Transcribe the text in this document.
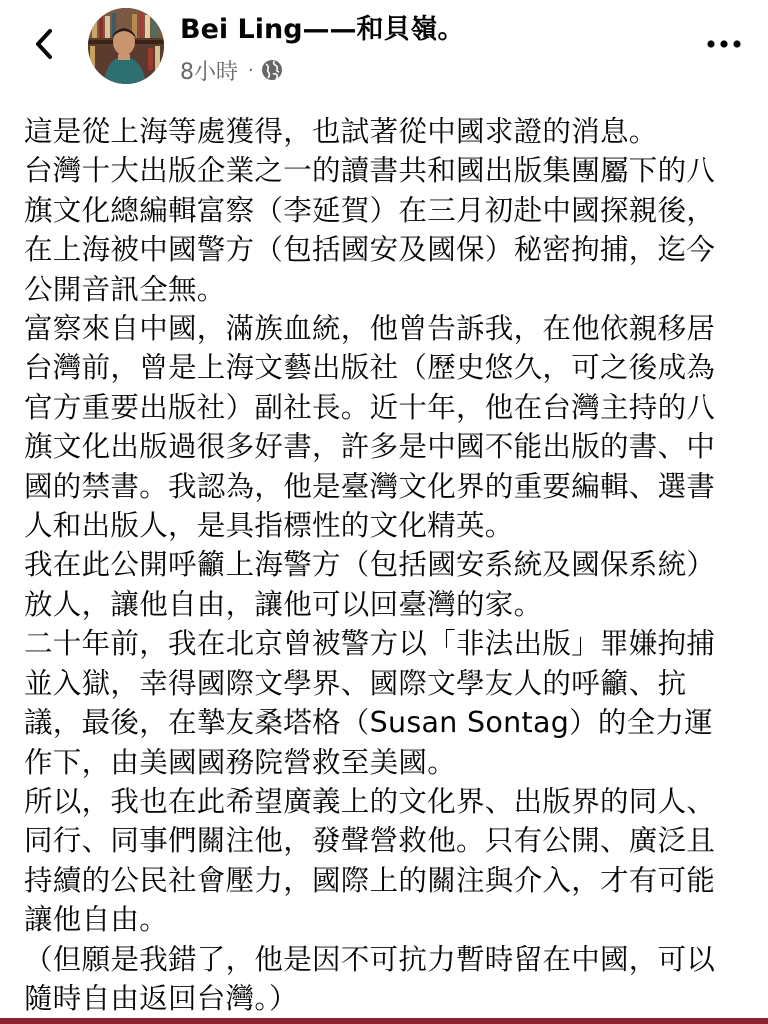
Bei Ling——和貝嶺。
8小時 ·

這是從上海等處獲得，也試著從中國求證的消息。

台灣十大出版企業之一的讀書共和國出版集團屬下的八旗文化總編輯富察（李延賀）在三月初赴中國探親後，在上海被中國警方（包括國安及國保）秘密拘捕，迄今公開音訊全無。

富察來自中國，滿族血統，他曾告訴我，在他依親移居台灣前，曾是上海文藝出版社（歷史悠久，可之後成為官方重要出版社）副社長。近十年，他在台灣主持的八旗文化出版過很多好書，許多是中國不能出版的書、中國的禁書。我認為，他是臺灣文化界的重要編輯、選書人和出版人，是具指標性的文化精英。

我在此公開呼籲上海警方（包括國安系統及國保系統）放人，讓他自由，讓他可以回臺灣的家。

二十年前，我在北京曾被警方以「非法出版」罪嫌拘捕並入獄，幸得國際文學界、國際文學友人的呼籲、抗議，最後，在摯友桑塔格（Susan Sontag）的全力運作下，由美國國務院營救至美國。

所以，我也在此希望廣義上的文化界、出版界的同人、同行、同事們關注他，發聲營救他。只有公開、廣泛且持續的公民社會壓力，國際上的關注與介入，才有可能讓他自由。

（但願是我錯了，他是因不可抗力暫時留在中國，可以隨時自由返回台灣。）
